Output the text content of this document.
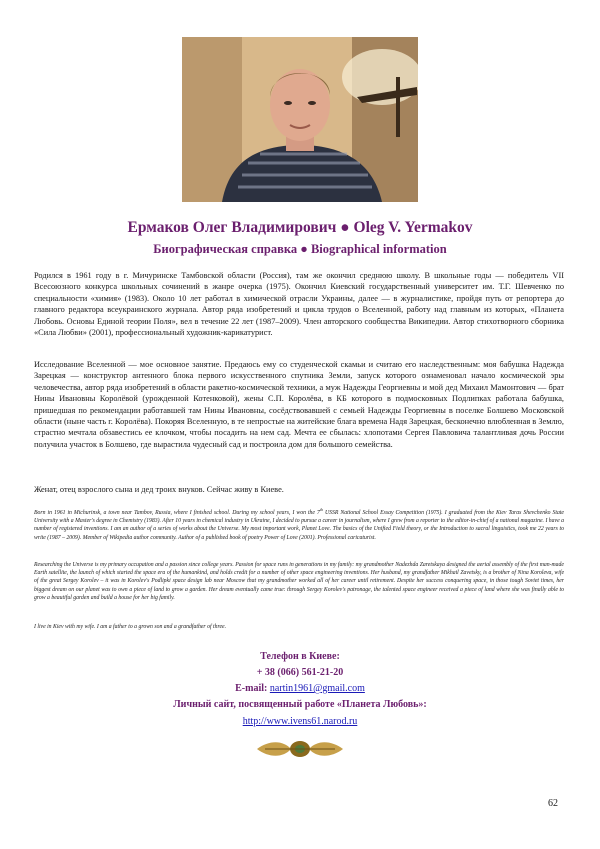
Ермаков Олег Владимирович ● Oleg V. Yermakov
Биографическая справка ● Biographical information

Родился в 1961 году в г. Мичуринске Тамбовской области (Россия), там же окончил среднюю школу. В школьные годы — победитель VII Всесоюзного конкурса школьных сочинений в жанре очерка (1975). Окончил Киевский государственный университет им. Т.Г. Шевченко по специальности «химия» (1983). Около 10 лет работал в химической отрасли Украины, далее — в журналистике, пройдя путь от репортера до главного редактора всеукраинского журнала. Автор ряда изобретений и цикла трудов о Вселенной, работу над главным из которых, «Планета Любовь. Основы Единой теории Поля», вел в течение 22 лет (1987–2009). Член авторского сообщества Википедии. Автор стихотворного сборника «Сила Любви» (2001), профессиональный художник-карикатурист.

Исследование Вселенной — мое основное занятие. Предаюсь ему со студенческой скамьи и считаю его наследственным: моя бабушка Надежда Зарецкая — конструктор антенного блока первого искусственного спутника Земли, запуск которого ознаменовал начало космической эры человечества, автор ряда изобретений в области ракетно-космической техники, а муж Надежды Георгиевны и мой дед Михаил Мамонтович — брат Нины Ивановны Королёвой (урожденной Котенковой), жены С.П. Королёва, в КБ которого в подмосковных Подлипках работала бабушка, пришедшая по рекомендации работавшей там Нины Ивановны, сосёдствовавшей с семьей Надежды Георгиевны в поселке Болшево Московской области (ныне часть г. Королёва). Покоряя Вселенную, в те непростые на житейские блага времена Надя Зарецкая, бесконечно влюбленная в Землю, страстно мечтала обзавестись ее клочком, чтобы посадить на нем сад. Мечта ее сбылась: хлопотами Сергея Павловича талантливая дочь России получила участок в Болшево, где вырастила чудесный сад и построила дом для большого семейства.

Женат, отец взрослого сына и дед троих внуков. Сейчас живу в Киеве.

Born in 1961 in Michurinsk, a town near Tambov, Russia, where I finished school. During my school years, I won the 7th USSR National School Essay Competition (1975). I graduated from the Kiev Taras Shevchenko State University with a Master's degree in Chemistry (1983). After 10 years in chemical industry in Ukraine, I decided to pursue a career in journalism, where I grew from a reporter to the editor-in-chief of a national magazine. I have a number of registered inventions. I am an author of a series of works about the Universe. My most important work, Planet Love. The basics of the Unified Field theory, or the Introduction to sacral linguistics, took me 22 years to write (1987 – 2009). Member of Wikipedia author community. Author of a published book of poetry Power of Love (2001). Professional caricaturist.

Researching the Universe is my primary occupation and a passion since college years. Passion for space runs in generations in my family: my grandmother Nadezhda Zaretskaya designed the aerial assembly of the first man-made Earth satellite, the launch of which started the space era of the humankind, and holds credit for a number of other space engineering inventions. Her husband, my grandfather Mikhail Zavetsky, is a brother of Nina Koroleva, wife of the great Sergey Korolev – it was in Korolev's Podlipki space design lab near Moscow that my grandmother worked all of her career until retirement. Despite her success conquering space, in those tough Soviet times, her biggest dream on our planet was to own a piece of land to grow a garden. Her dream eventually came true: through Sergey Korolev's patronage, the talented space engineer received a piece of land where she was finally able to grow a beautiful garden and build a house for her big family.

I live in Kiev with my wife. I am a father to a grown son and a grandfather of three.

Телефон в Киеве:
+ 38 (066) 561-21-20
E-mail: nartin1961@gmail.com
Личный сайт, посвященный работе «Планета Любовь»:
http://www.ivens61.narod.ru
62
